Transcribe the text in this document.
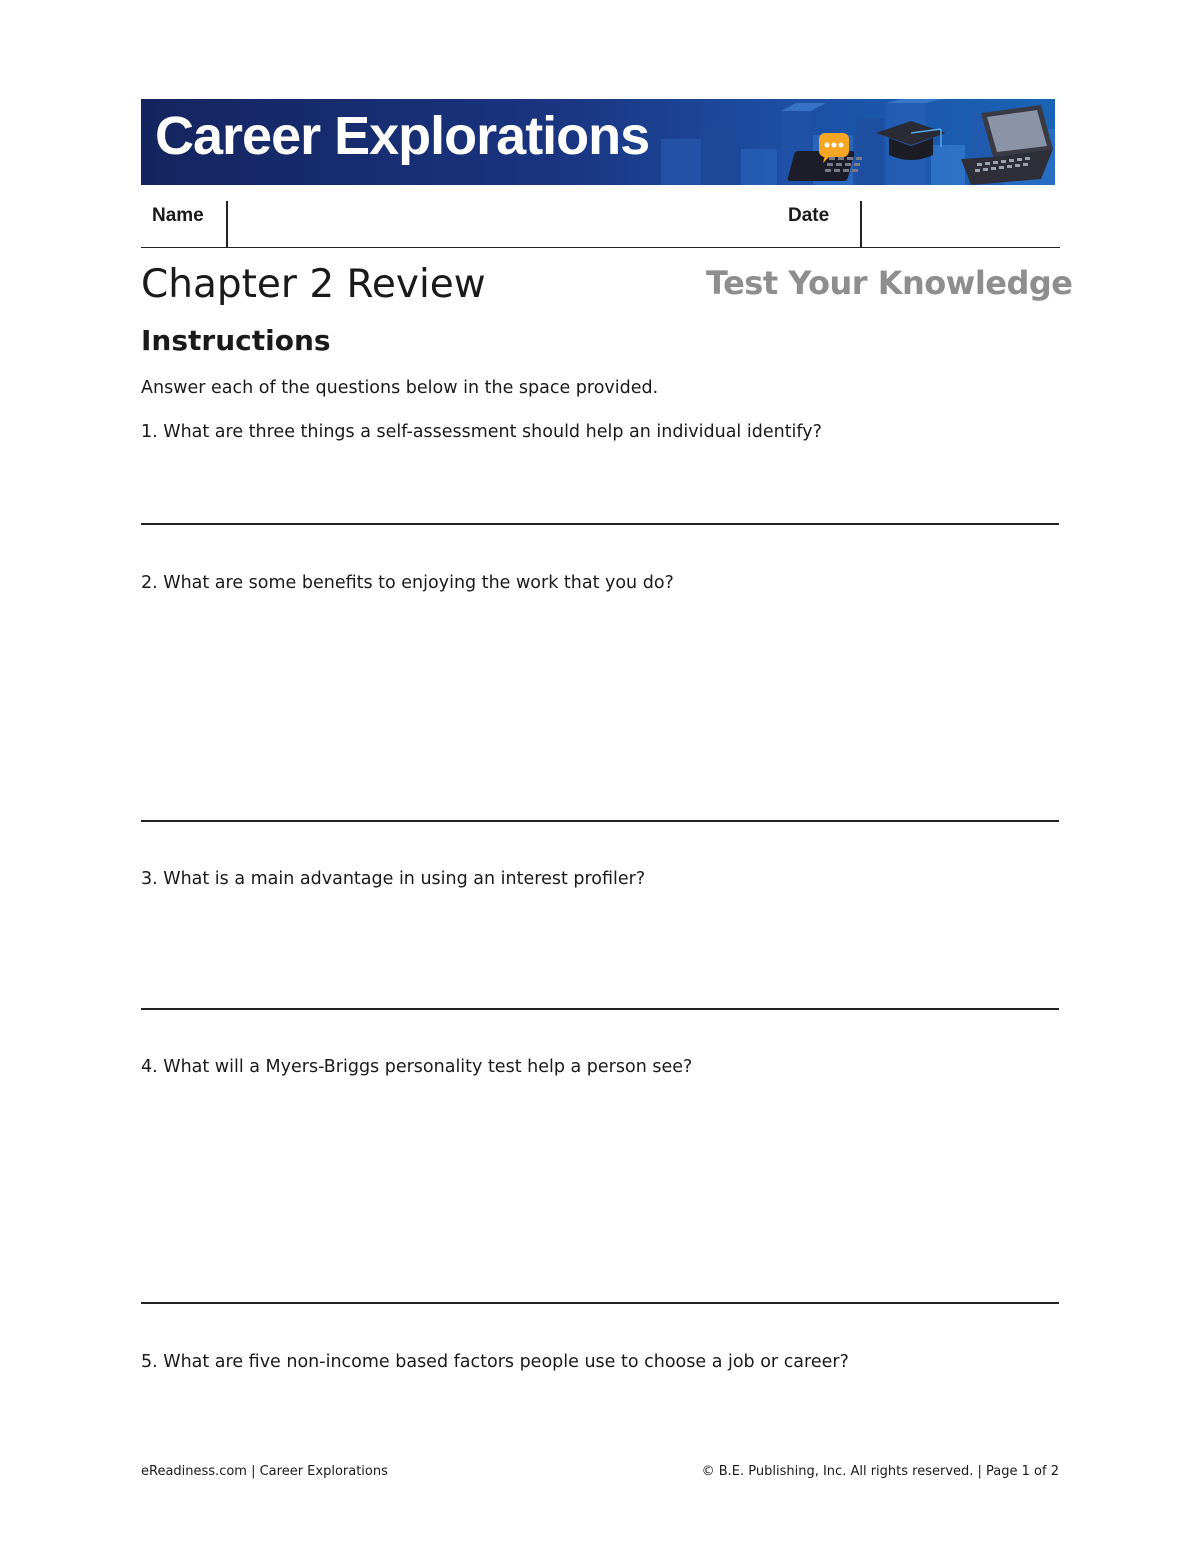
Career Explorations
Name	Date
Chapter 2 Review	Test Your Knowledge
Instructions
Answer each of the questions below in the space provided.
1. What are three things a self-assessment should help an individual identify?
2. What are some benefits to enjoying the work that you do?
3. What is a main advantage in using an interest profiler?
4. What will a Myers-Briggs personality test help a person see?
5. What are five non-income based factors people use to choose a job or career?
eReadiness.com | Career Explorations	© B.E. Publishing, Inc. All rights reserved. | Page 1 of 2
